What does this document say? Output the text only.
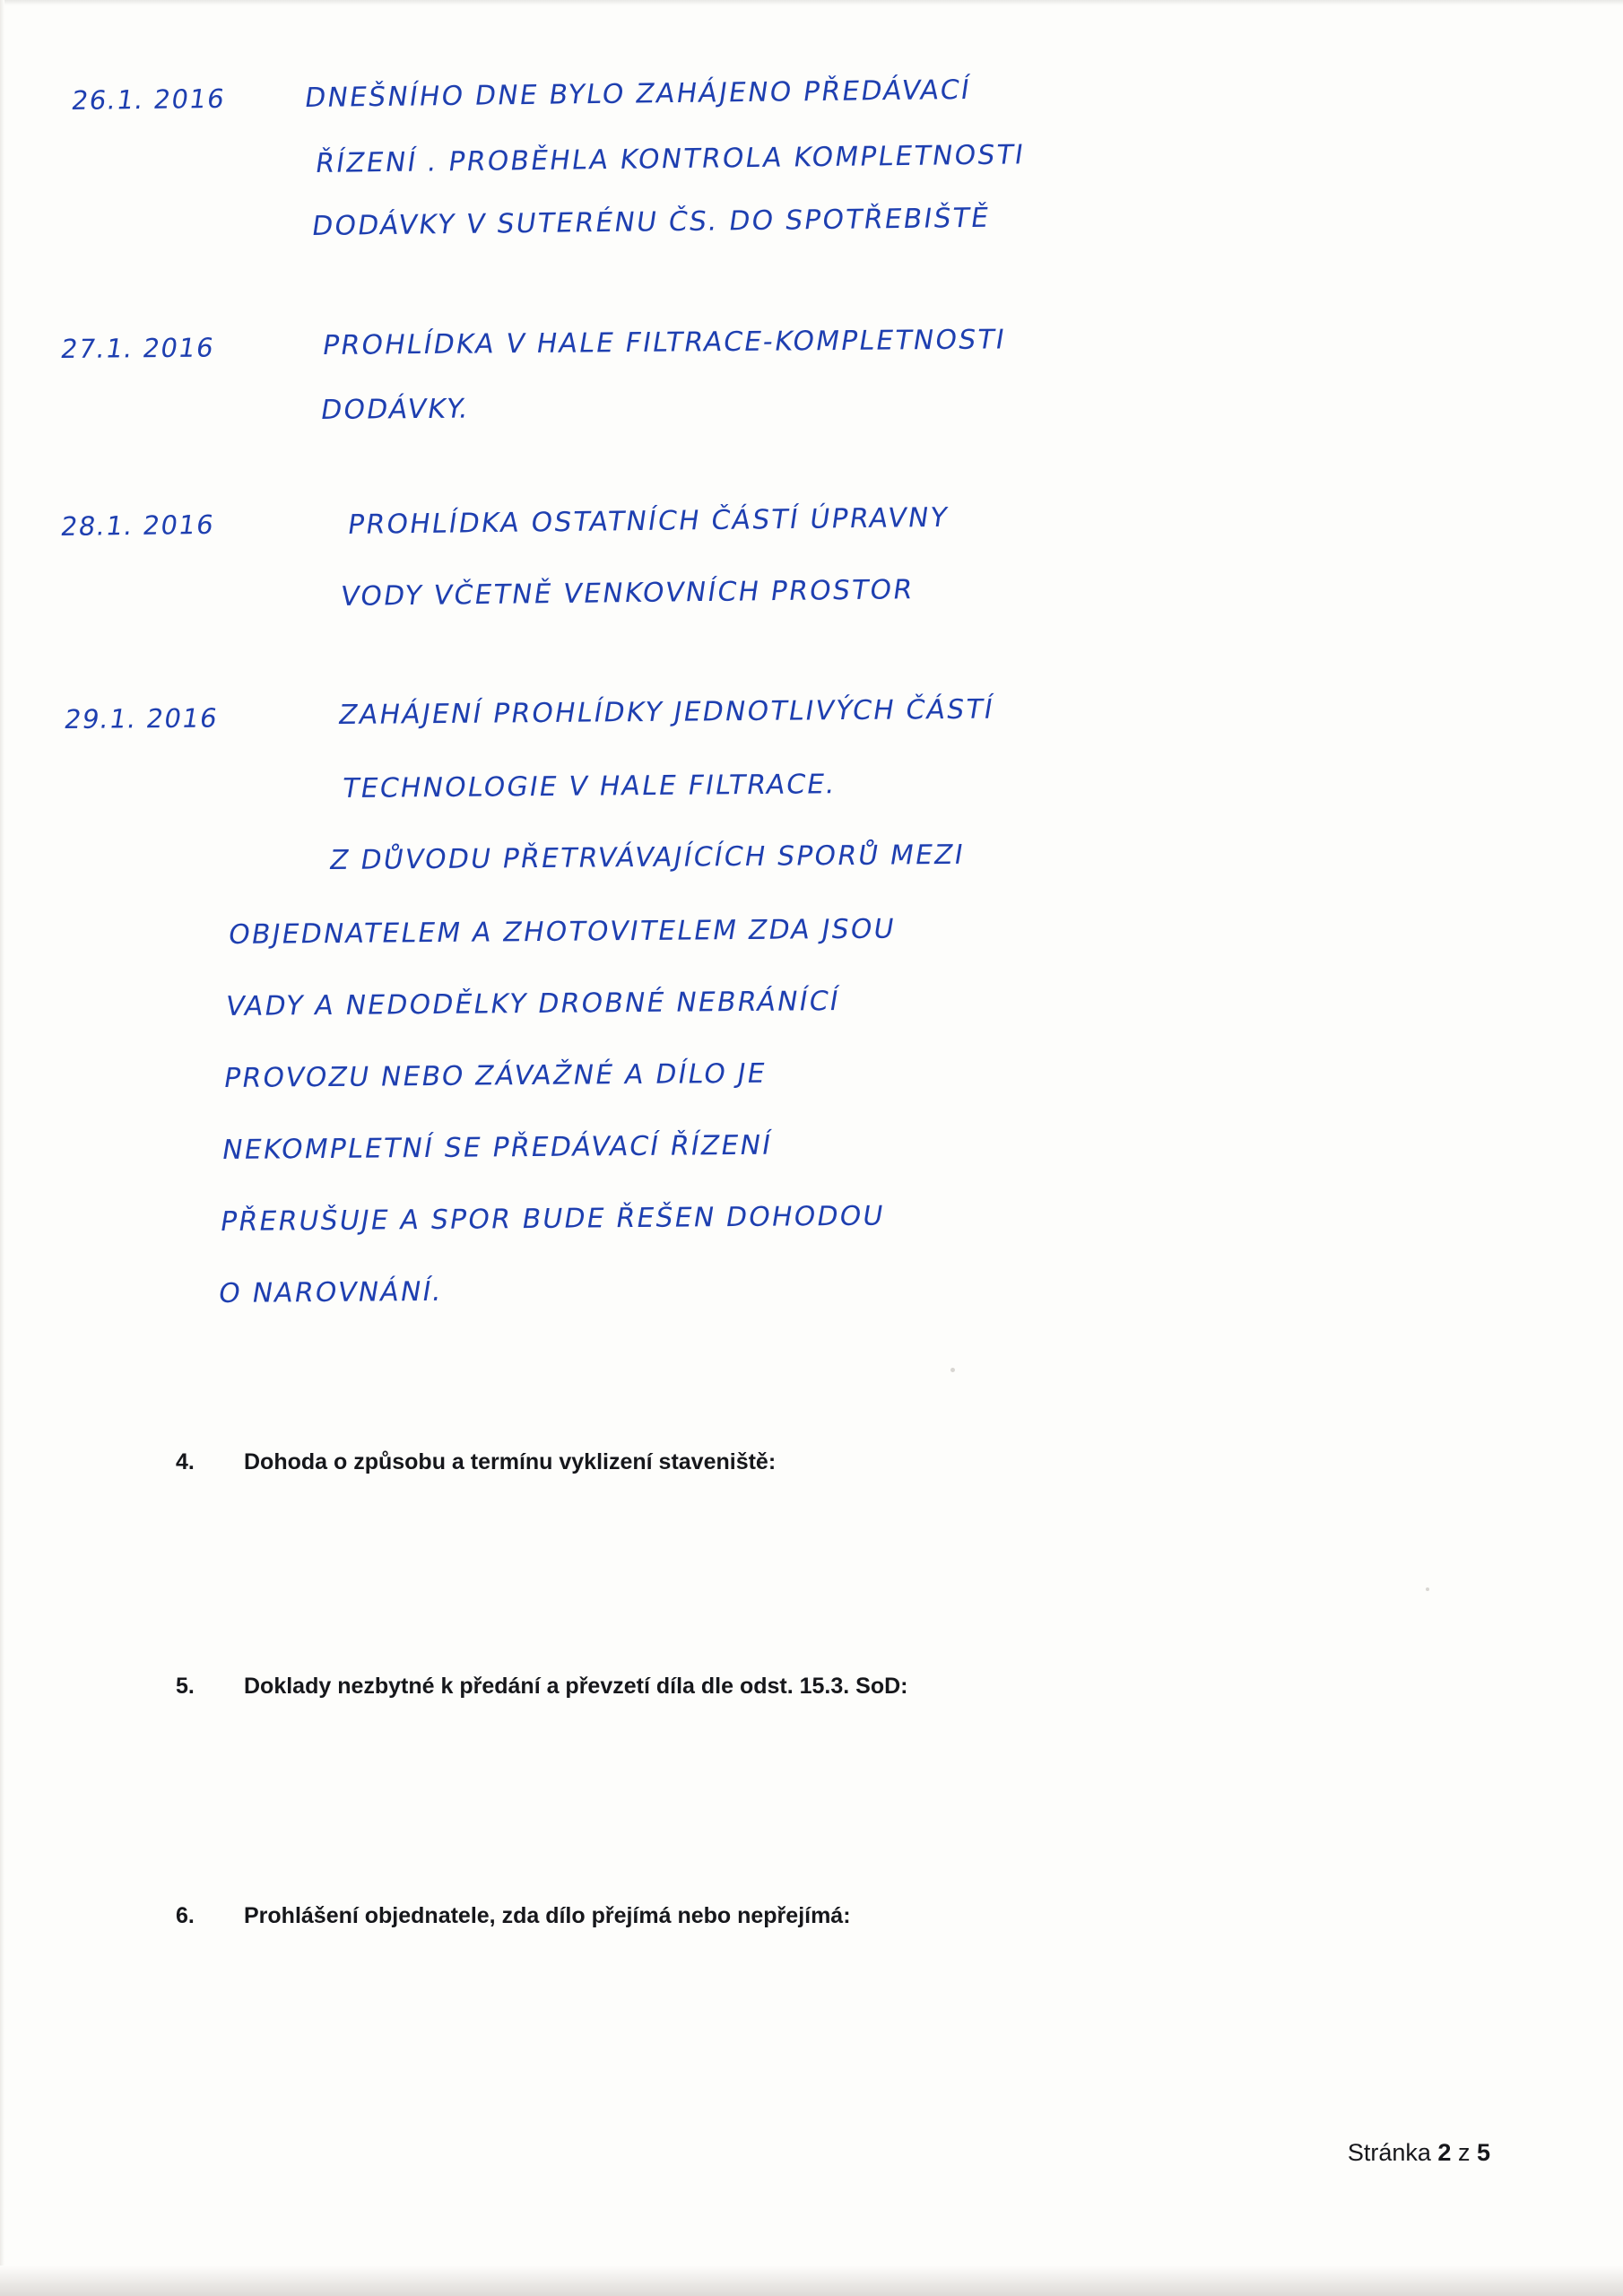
26.1. 2016	DNEŠNÍHO DNE BYLO ZAHÁJENO PŘEDÁVACÍ
ŘÍZENÍ . PROBĚHLA KONTROLA KOMPLETNOSTI
DODÁVKY V SUTERÉNU ČS. DO SPOTŘEBIŠTĚ
27.1. 2016	PROHLÍDKA V HALE FILTRACE-KOMPLETNOSTI
DODÁVKY.
28.1. 2016	PROHLÍDKA OSTATNÍCH ČÁSTÍ ÚPRAVNY
VODY VČETNĚ VENKOVNÍCH PROSTOR
29.1. 2016	ZAHÁJENÍ PROHLÍDKY JEDNOTLIVÝCH ČÁSTÍ
TECHNOLOGIE V HALE FILTRACE.
Z DŮVODU PŘETRVÁVAJÍCÍCH SPORŮ MEZI
OBJEDNATELEM A ZHOTOVITELEM ZDA JSOU
VADY A NEDODĚLKY DROBNÉ NEBRÁNÍCÍ
PROVOZU NEBO ZÁVAŽNÉ A DÍLO JE
NEKOMPLETNÍ SE PŘEDÁVACÍ ŘÍZENÍ
PŘERUŠUJE A SPOR BUDE ŘEŠEN DOHODOU
O NAROVNÁNÍ.
4. Dohoda o způsobu a termínu vyklizení staveniště:
5. Doklady nezbytné k předání a převzetí díla dle odst. 15.3. SoD:
6. Prohlášení objednatele, zda dílo přejímá nebo nepřejímá:
Stránka 2 z 5
